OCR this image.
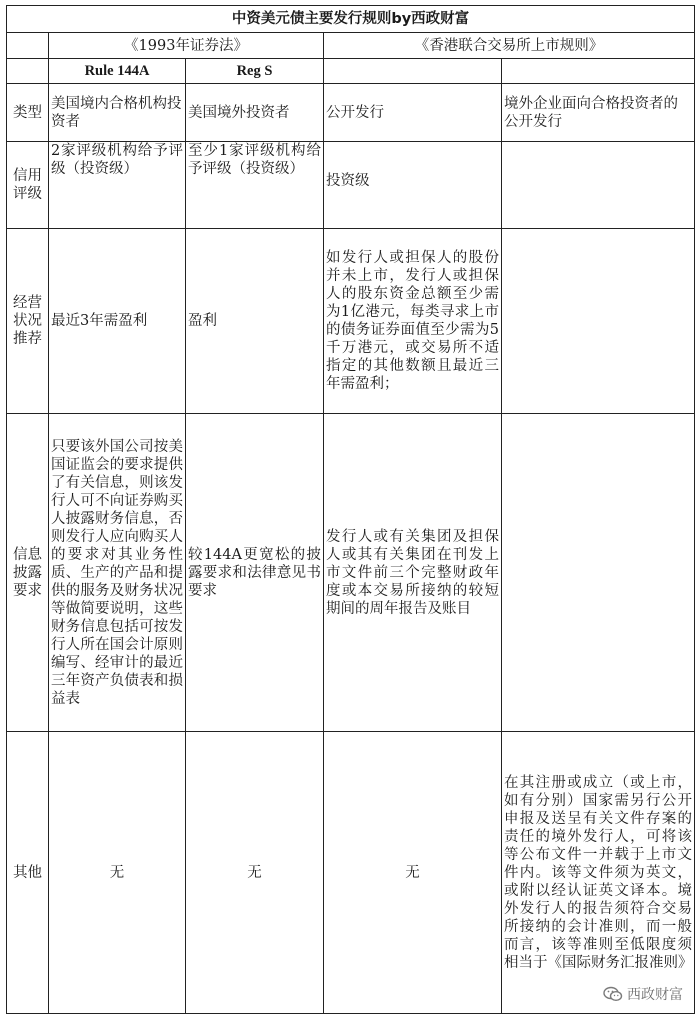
中资美元债主要发行规则by西政财富				
	《1993年证券法》		《香港联合交易所上市规则》	
	Rule 144A	Reg S		
类型	美国境内合格机构投资者	美国境外投资者	公开发行	境外企业面向合格投资者的公开发行
信用评级	2家评级机构给予评级（投资级）	至少1家评级机构给予评级（投资级）	投资级	
经营状况推荐	最近3年需盈利	盈利	如发行人或担保人的股份并未上市，发行人或担保人的股东资金总额至少需为1亿港元，每类寻求上市的债务证券面值至少需为5千万港元，或交易所不适指定的其他数额且最近三年需盈利；	
信息披露要求	只要该外国公司按美国证监会的要求提供了有关信息，则该发行人可不向证券购买人披露财务信息，否则发行人应向购买人的要求对其业务性质、生产的产品和提供的服务及财务状况等做简要说明，这些财务信息包括可按发行人所在国会计原则编写、经审计的最近三年资产负债表和损益表	较144A更宽松的披露要求和法律意见书要求	发行人或有关集团及担保人或其有关集团在刊发上市文件前三个完整财政年度或本交易所接纳的较短期间的周年报告及账目	
其他	无	无	无	在其注册或成立（或上市，如有分别）国家需另行公开申报及送呈有关文件存案的责任的境外发行人，可将该等公布文件一并载于上市文件内。该等文件须为英文，或附以经认证英文译本。境外发行人的报告须符合交易所接纳的会计准则，而一般而言，该等准则至低限度须相当于《国际财务汇报准则》
西政财富
